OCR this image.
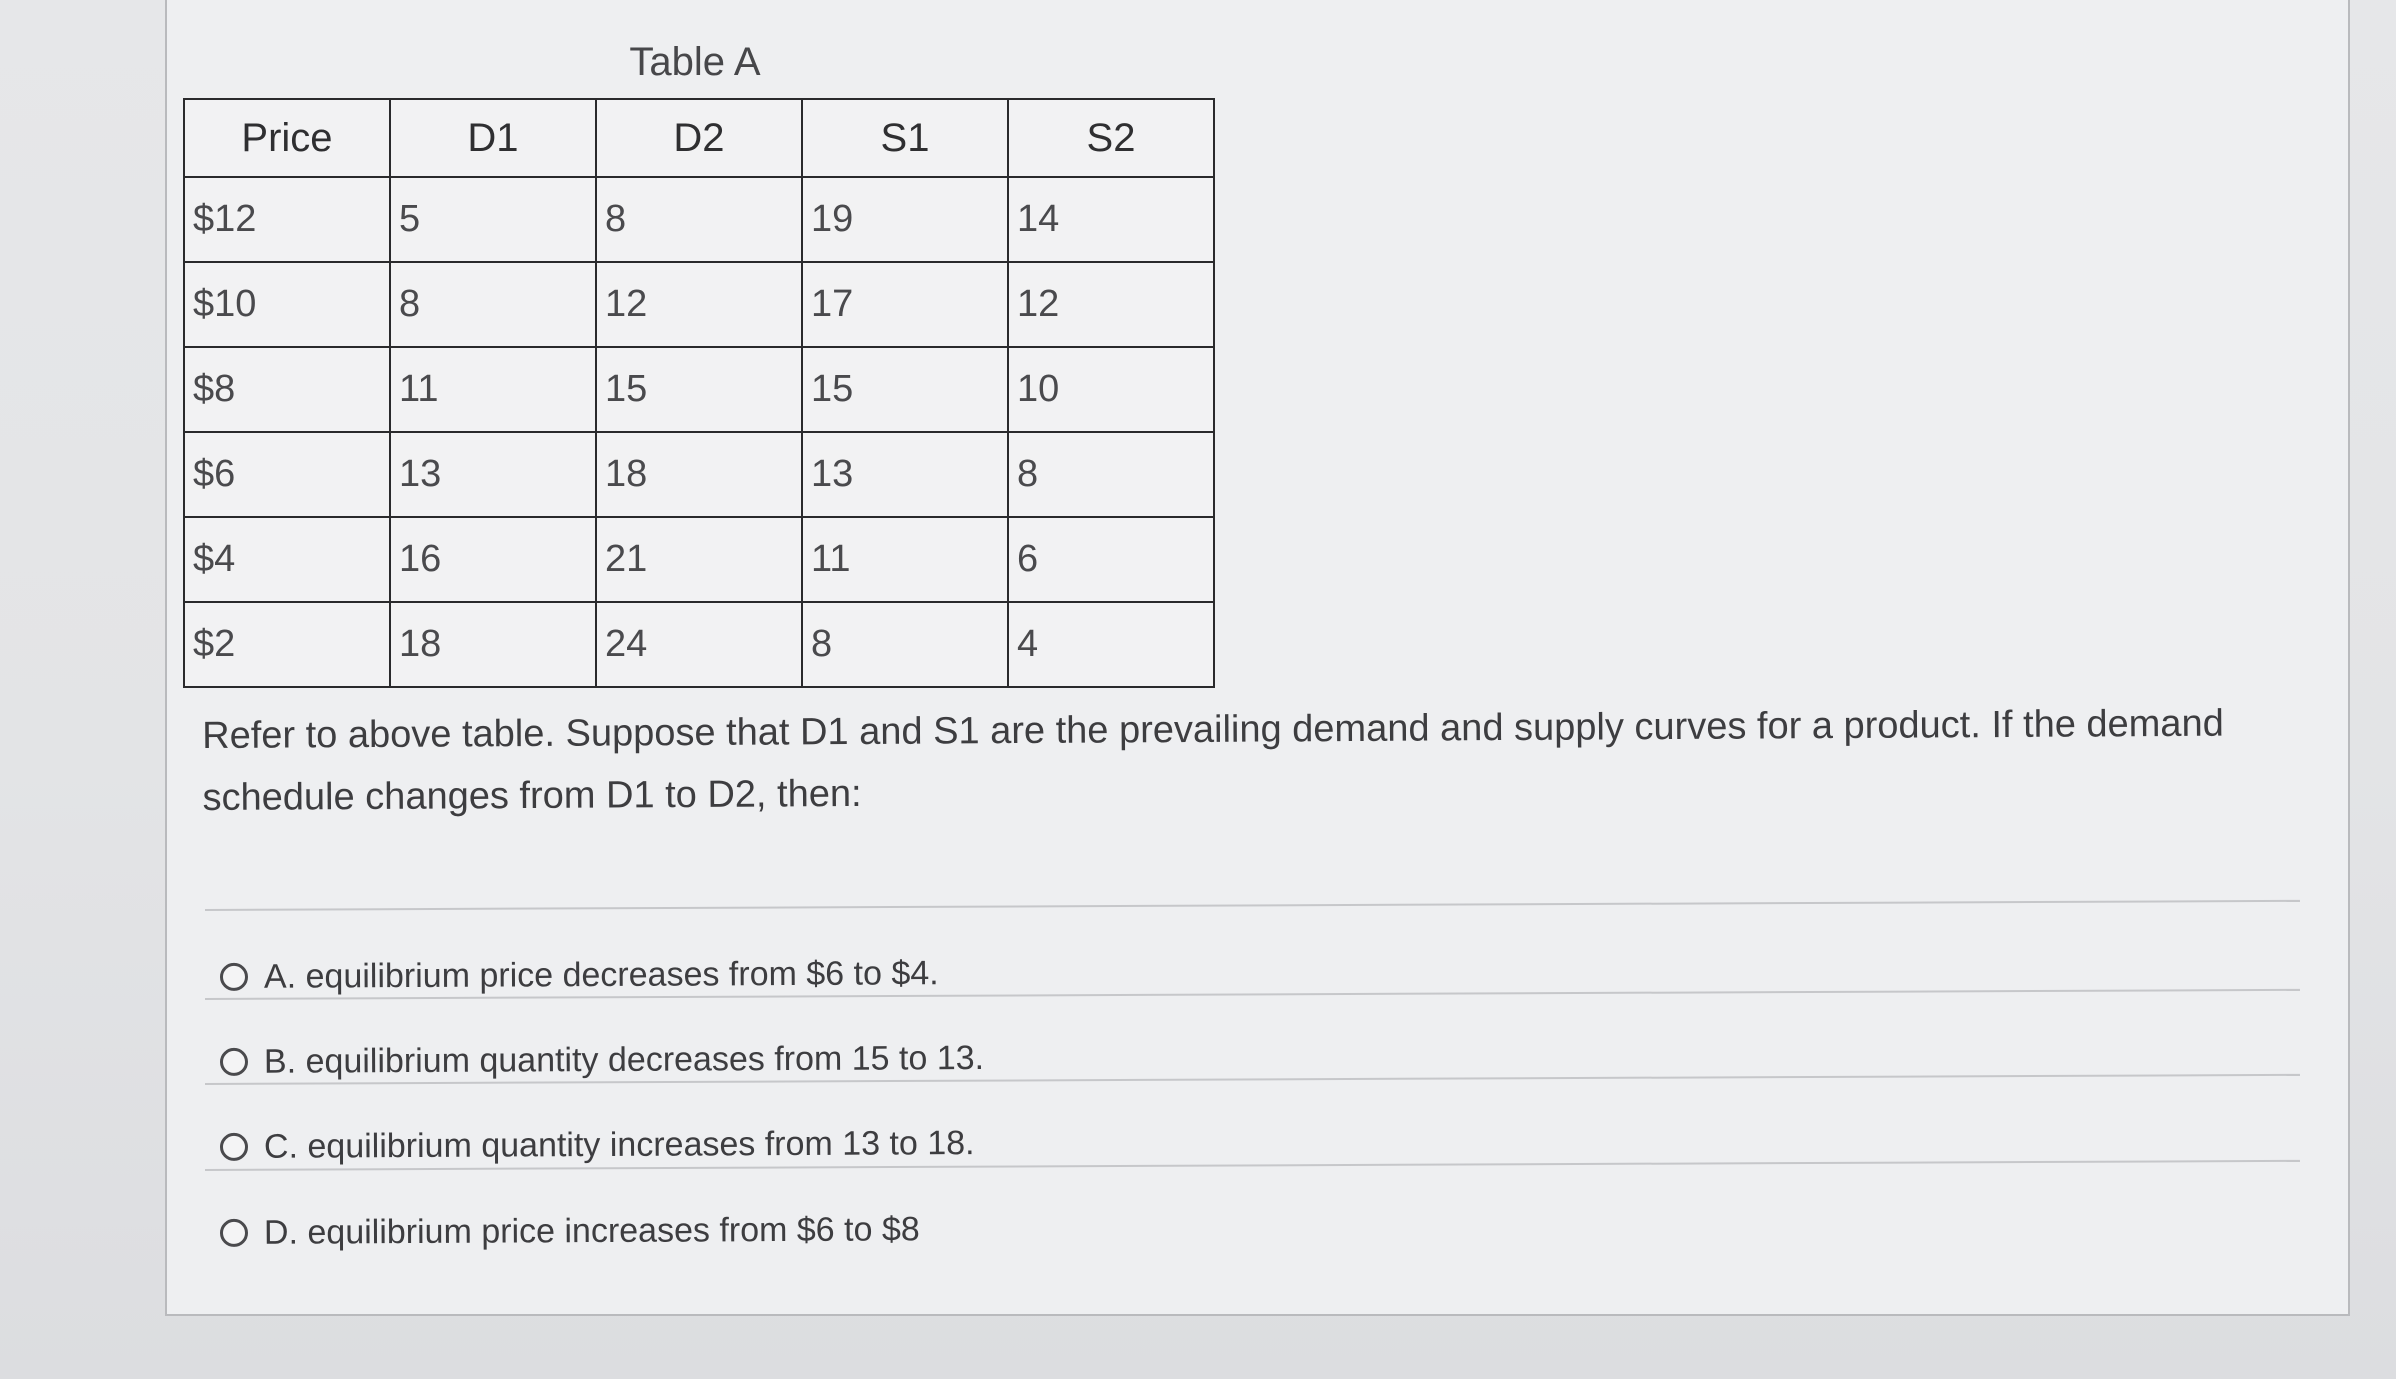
Table A
Price	D1	D2	S1	S2
$12	5	8	19	14
$10	8	12	17	12
$8	11	15	15	10
$6	13	18	13	8
$4	16	21	11	6
$2	18	24	8	4
Refer to above table. Suppose that D1 and S1 are the prevailing demand and supply curves for a product. If the demand schedule changes from D1 to D2, then:
A. equilibrium price decreases from $6 to $4.
B. equilibrium quantity decreases from 15 to 13.
C. equilibrium quantity increases from 13 to 18.
D. equilibrium price increases from $6 to $8
